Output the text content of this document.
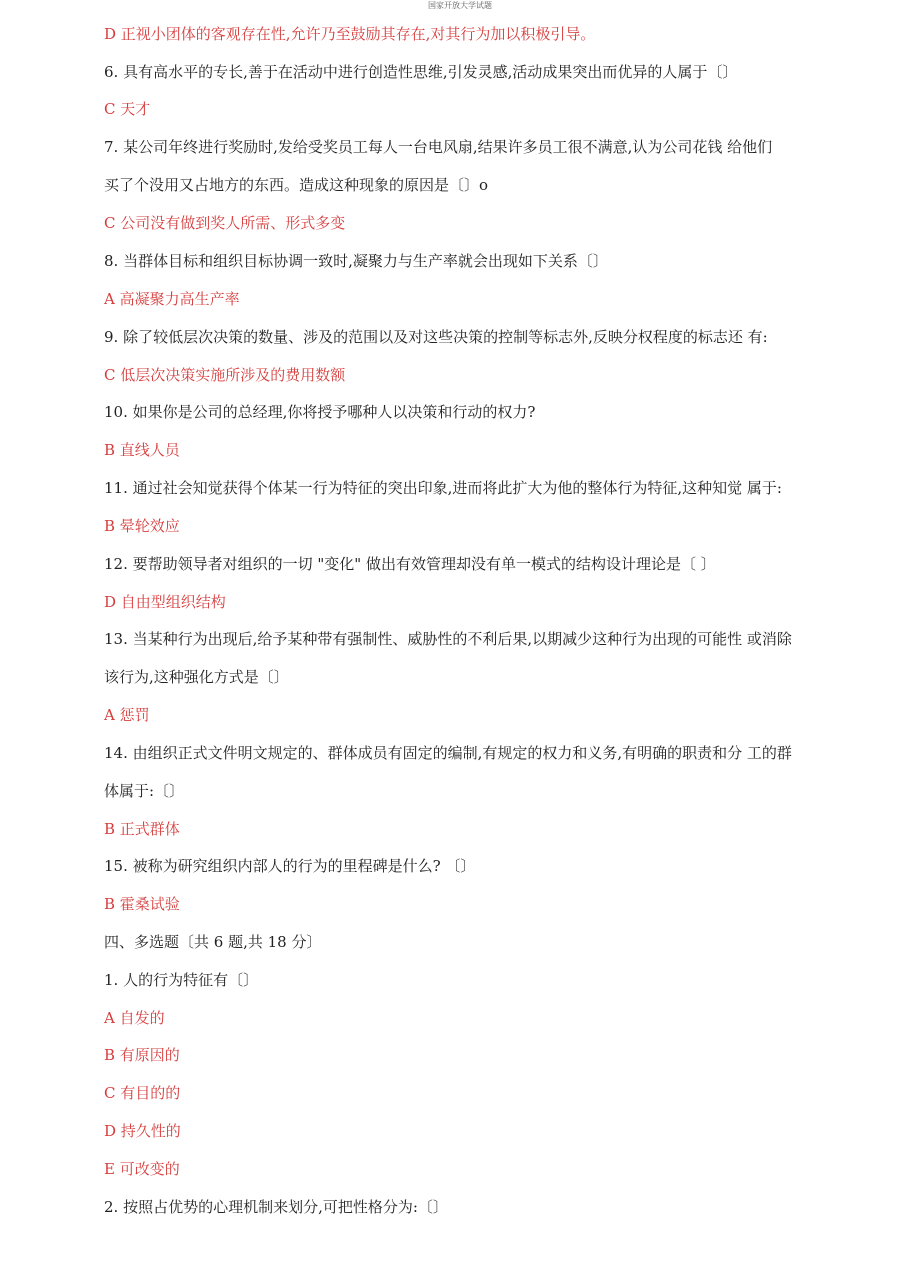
国家开放大学试题
D 正视小团体的客观存在性,允许乃至鼓励其存在,对其行为加以积极引导。
6. 具有高水平的专长,善于在活动中进行创造性思维,引发灵感,活动成果突出而优异的人属于〔〕
C 天才
7. 某公司年终进行奖励时,发给受奖员工每人一台电风扇,结果许多员工很不满意,认为公司花钱 给他们
买了个没用又占地方的东西。造成这种现象的原因是〔〕o
C 公司没有做到奖人所需、形式多变
8. 当群体目标和组织目标协调一致时,凝聚力与生产率就会出现如下关系〔〕
A 高凝聚力高生产率
9. 除了较低层次决策的数量、涉及的范围以及对这些决策的控制等标志外,反映分权程度的标志还 有:
C 低层次决策实施所涉及的费用数额
10. 如果你是公司的总经理,你将授予哪种人以决策和行动的权力?
B 直线人员
11. 通过社会知觉获得个体某一行为特征的突出印象,进而将此扩大为他的整体行为特征,这种知觉 属于:
B 晕轮效应
12. 要帮助领导者对组织的一切 "变化" 做出有效管理却没有单一模式的结构设计理论是〔 〕
D 自由型组织结构
13. 当某种行为出现后,给予某种带有强制性、威胁性的不利后果,以期减少这种行为出现的可能性 或消除
该行为,这种强化方式是〔〕
A 惩罚
14. 由组织正式文件明文规定的、群体成员有固定的编制,有规定的权力和义务,有明确的职责和分 工的群
体属于:〔〕
B 正式群体
15. 被称为研究组织内部人的行为的里程碑是什么? 〔〕
B 霍桑试验
四、多选题〔共 6 题,共 18 分〕
1. 人的行为特征有〔〕
A 自发的
B 有原因的
C 有目的的
D 持久性的
E 可改变的
2. 按照占优势的心理机制来划分,可把性格分为:〔〕
